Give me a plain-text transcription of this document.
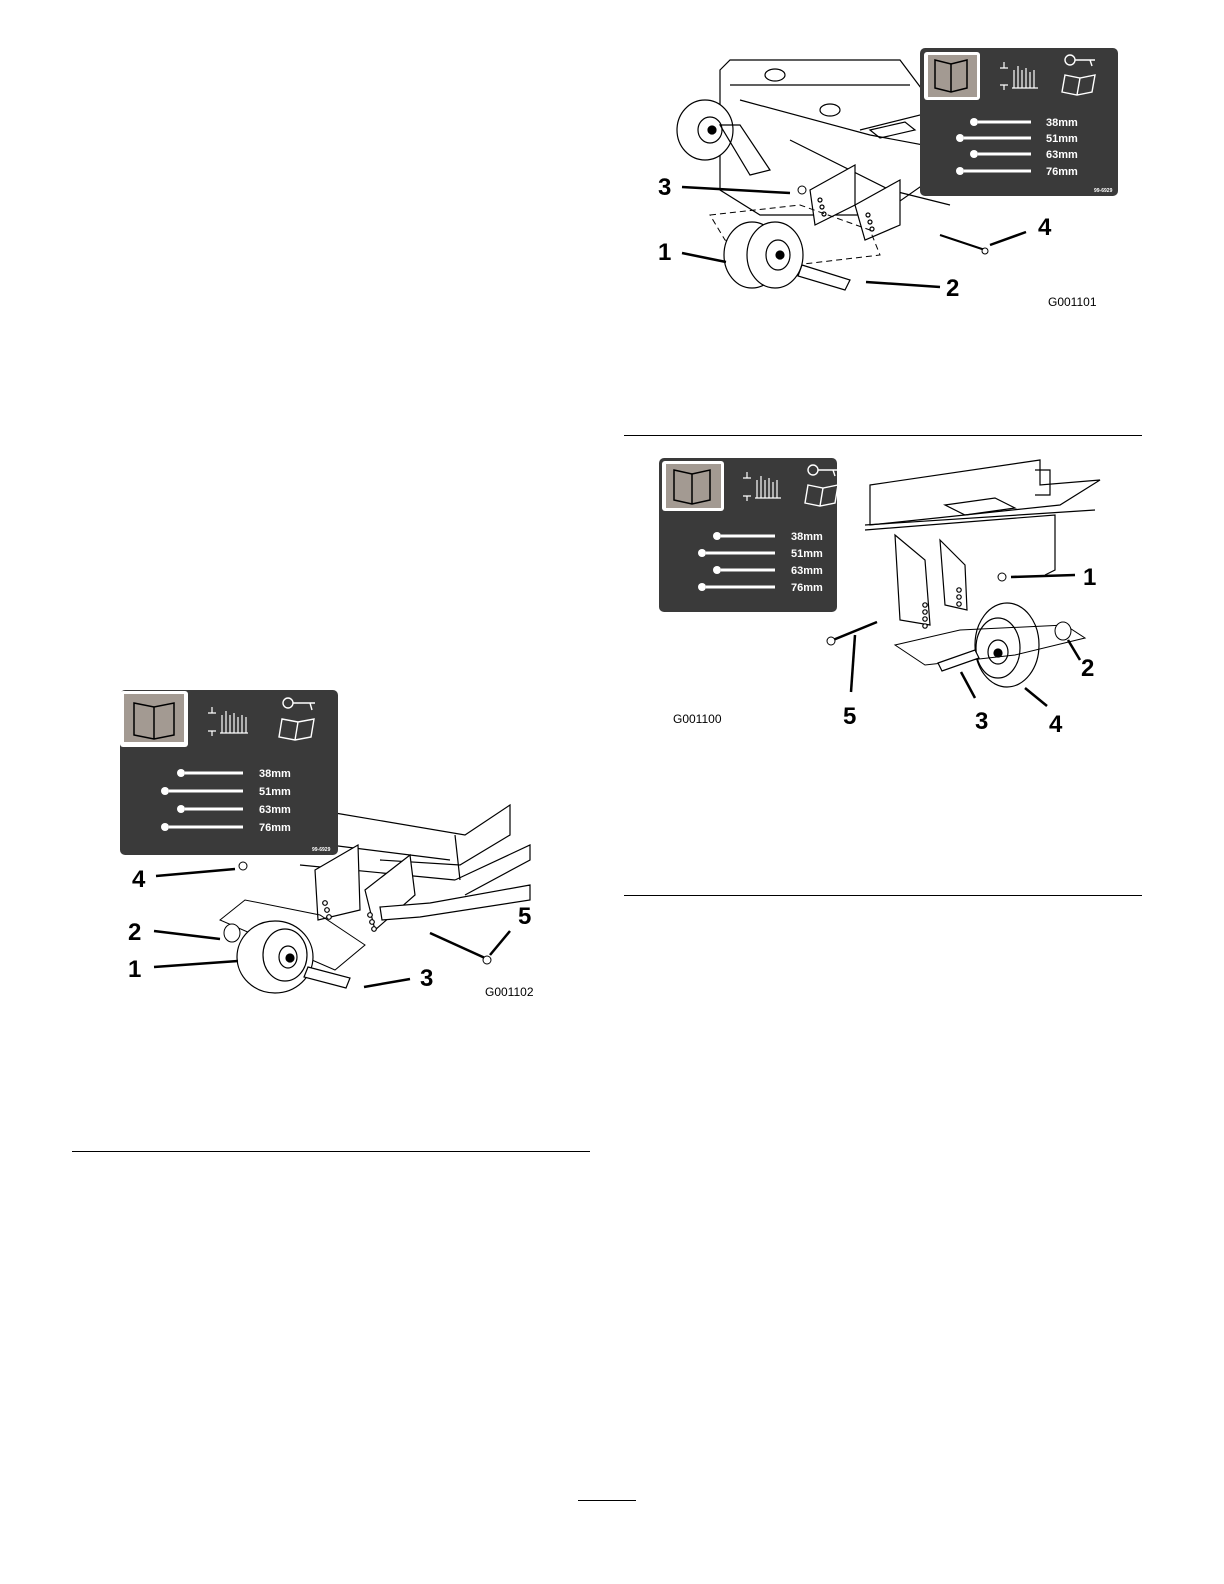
38mm
51mm
63mm
76mm
99-6929
3
1
2
4
G001101
38mm
51mm
63mm
76mm
99-6929
1
2
3	4
5
G001100
38mm
51mm
63mm
76mm
99-6929
4
2
1	3
5
G001102
